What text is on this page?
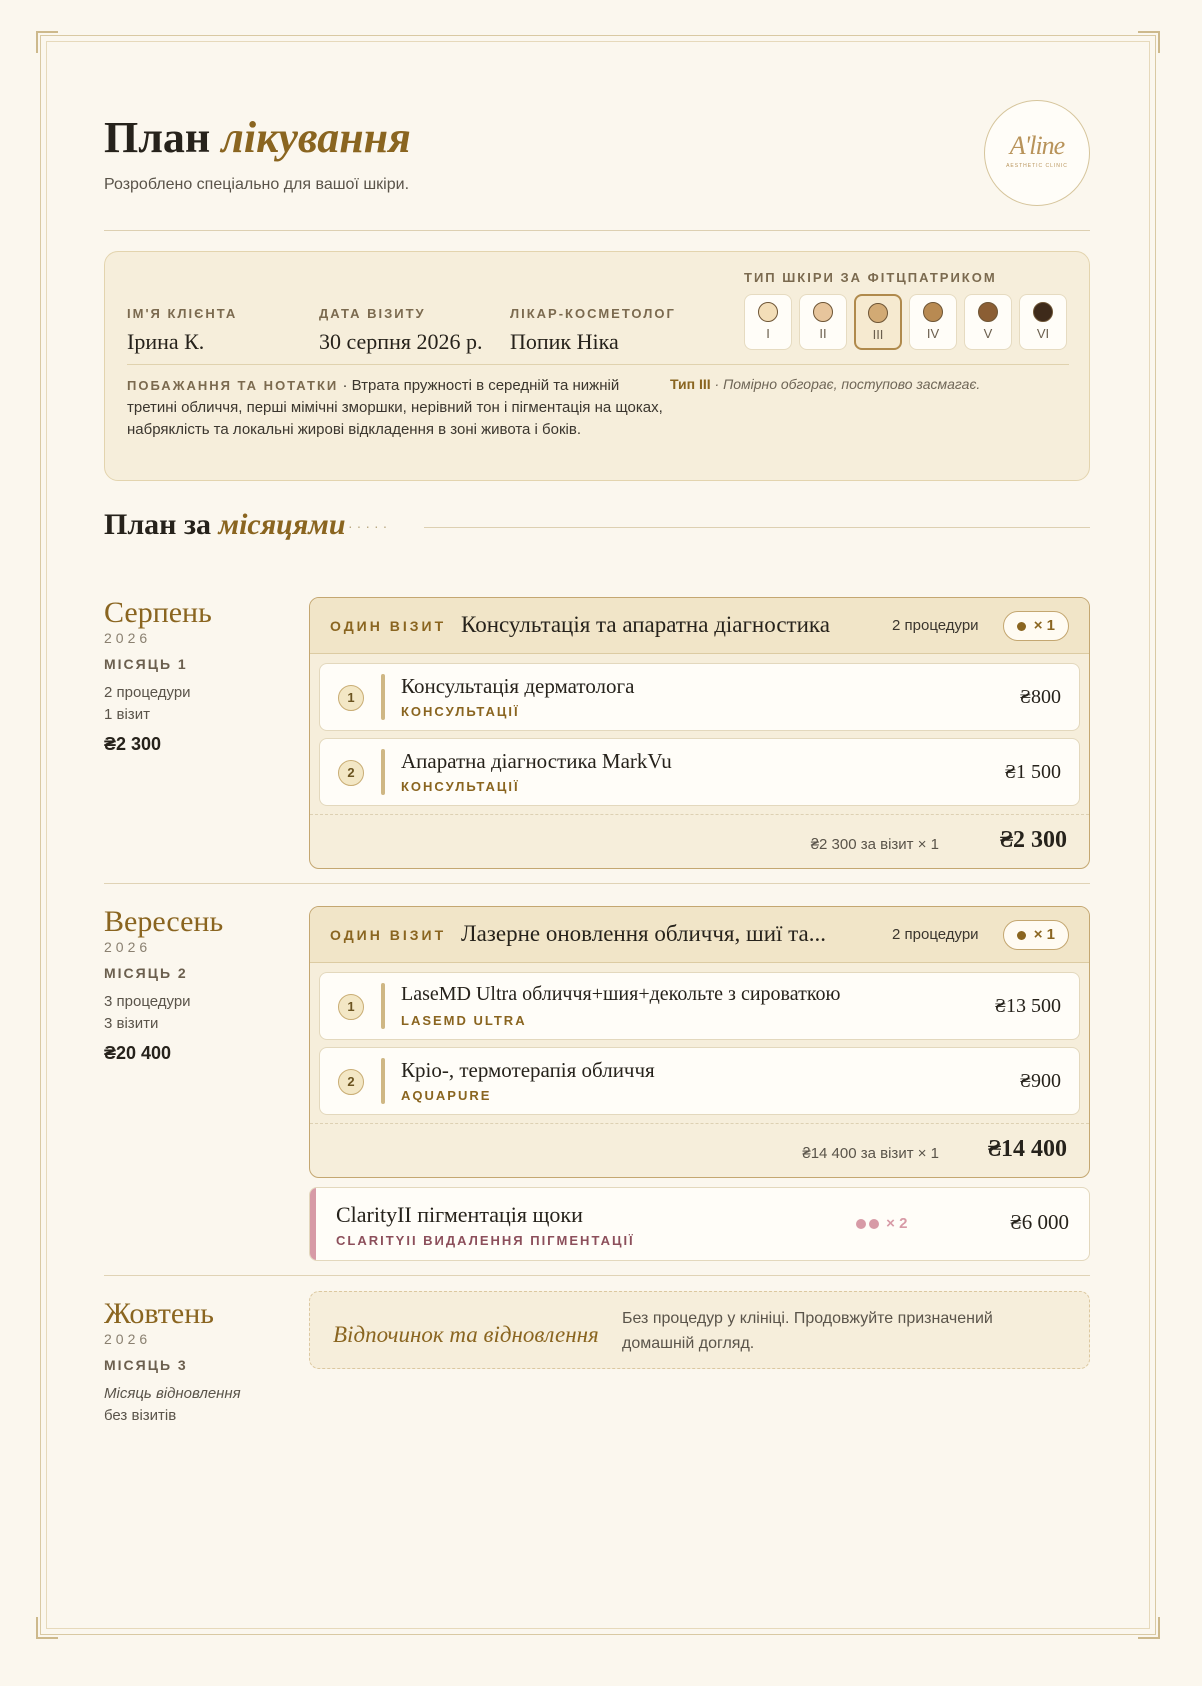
План лікування
Розроблено спеціально для вашої шкіри.
A'line
AESTHETIC CLINIC
ІМ'Я КЛІЄНТА
Ірина К.
ДАТА ВІЗИТУ
30 серпня 2026 р.
ЛІКАР-КОСМЕТОЛОГ
Попик Ніка
ТИП ШКІРИ ЗА ФІТЦПАТРИКОМ
I	II	III	IV	V	VI
ПОБАЖАННЯ ТА НОТАТКИ · Втрата пружності в середній та нижній третині обличчя, перші мімічні зморшки, нерівний тон і пігментація на щоках, набряклість та локальні жирові відкладення в зоні живота і боків.
Тип III · Помірно обгорає, поступово засмагає.
План за місяцями ·····
Серпень
2026
МІСЯЦЬ 1
2 процедури
1 візит
₴2 300
ОДИН ВІЗИТ Консультація та апаратна діагностика	2 процедури	× 1
1	Консультація дерматолога
КОНСУЛЬТАЦІЇ
₴800
2	Апаратна діагностика MarkVu
КОНСУЛЬТАЦІЇ
₴1 500
₴2 300 за візит × 1	₴2 300
Вересень
2026
МІСЯЦЬ 2
3 процедури
3 візити
₴20 400
ОДИН ВІЗИТ Лазерне оновлення обличчя, шиї та...	2 процедури	× 1
1
LaseMD Ultra обличчя+шия+декольте з сироваткою
LASEMD ULTRA
₴13 500
2	Кріо-, термотерапія обличчя
AQUAPURE
₴900
₴14 400 за візит × 1 ₴14 400
ClarityII пігментація щоки
CLARITYII ВИДАЛЕННЯ ПІГМЕНТАЦІЇ
× 2	₴6 000
Жовтень
2026
МІСЯЦЬ 3
Місяць відновлення
без візитів
Відпочинок та відновлення
Без процедур у клініці. Продовжуйте призначений домашній догляд.
